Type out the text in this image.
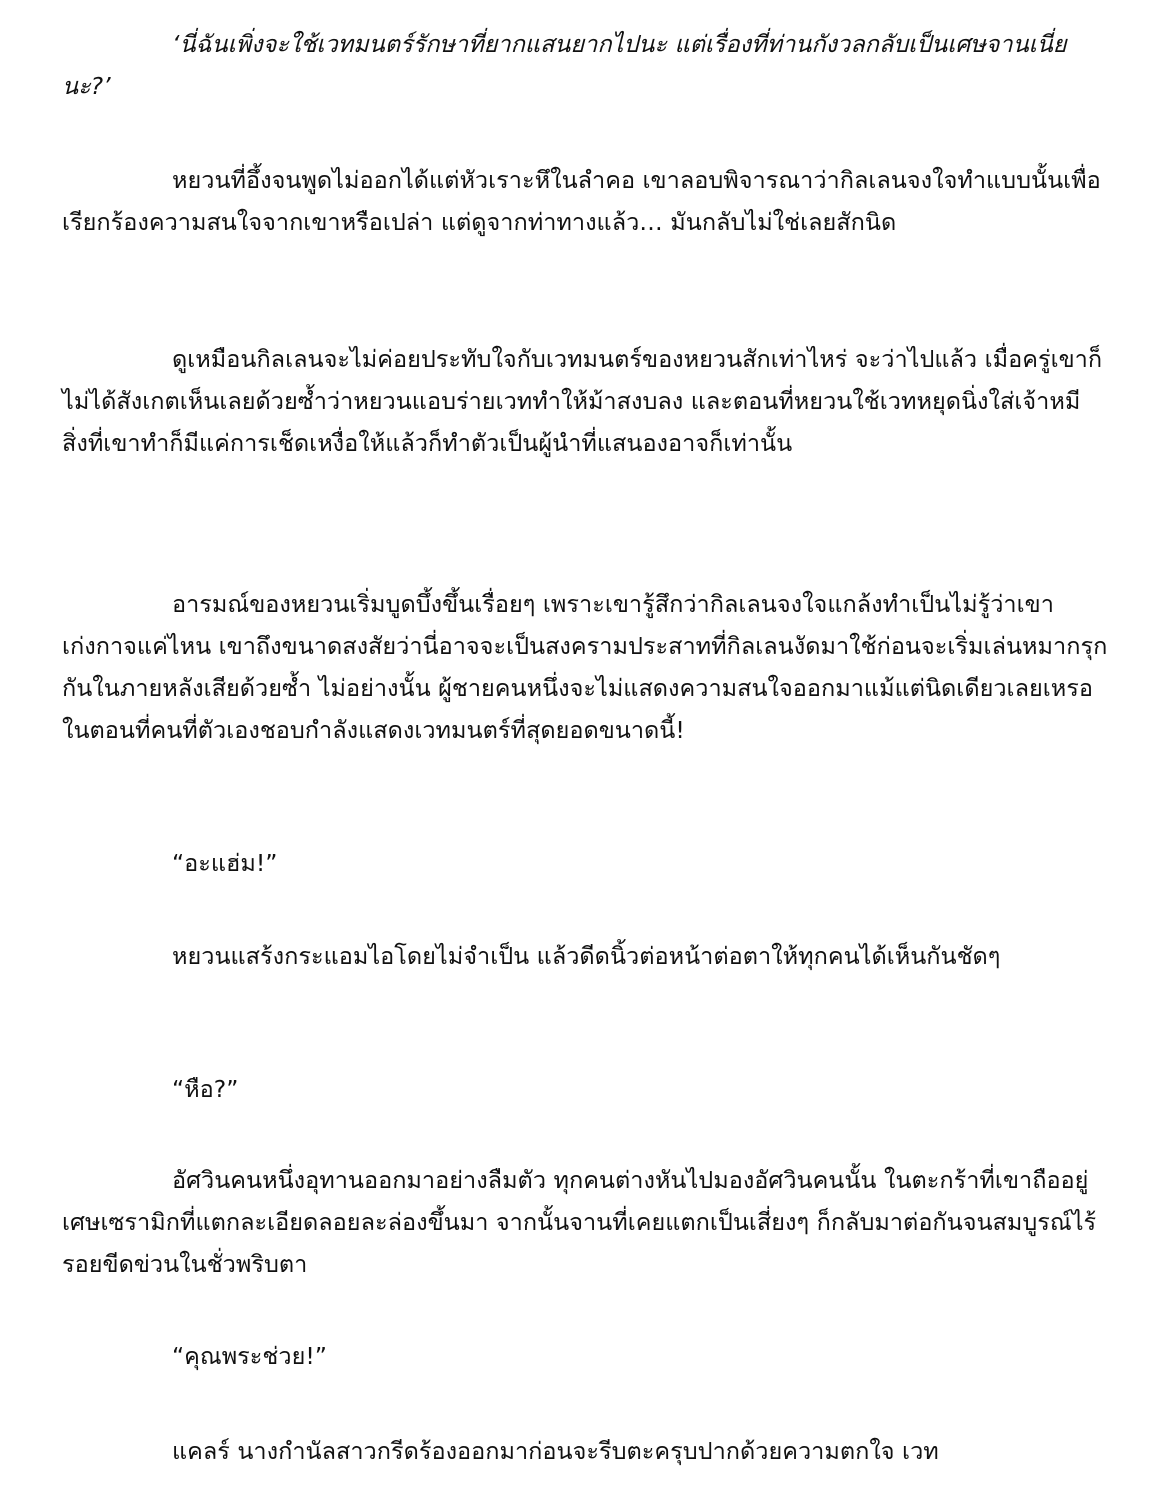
‘นี่ฉันเพิ่งจะใช้เวทมนตร์รักษาที่ยากแสนยากไปนะ แต่เรื่องที่ท่านกังวลกลับเป็นเศษจานเนี่ยนะ?’

หยวนที่อึ้งจนพูดไม่ออกได้แต่หัวเราะหึในลำคอ เขาลอบพิจารณาว่ากิลเลนจงใจทำแบบนั้นเพื่อเรียกร้องความสนใจจากเขาหรือเปล่า แต่ดูจากท่าทางแล้ว… มันกลับไม่ใช่เลยสักนิด

ดูเหมือนกิลเลนจะไม่ค่อยประทับใจกับเวทมนตร์ของหยวนสักเท่าไหร่ จะว่าไปแล้ว เมื่อครู่เขาก็ไม่ได้สังเกตเห็นเลยด้วยซ้ำว่าหยวนแอบร่ายเวททำให้ม้าสงบลง และตอนที่หยวนใช้เวทหยุดนิ่งใส่เจ้าหมี สิ่งที่เขาทำก็มีแค่การเช็ดเหงื่อให้แล้วก็ทำตัวเป็นผู้นำที่แสนองอาจก็เท่านั้น

อารมณ์ของหยวนเริ่มบูดบึ้งขึ้นเรื่อยๆ เพราะเขารู้สึกว่ากิลเลนจงใจแกล้งทำเป็นไม่รู้ว่าเขาเก่งกาจแค่ไหน เขาถึงขนาดสงสัยว่านี่อาจจะเป็นสงครามประสาทที่กิลเลนงัดมาใช้ก่อนจะเริ่มเล่นหมากรุกกันในภายหลังเสียด้วยซ้ำ ไม่อย่างนั้น ผู้ชายคนหนึ่งจะไม่แสดงความสนใจออกมาแม้แต่นิดเดียวเลยเหรอ ในตอนที่คนที่ตัวเองชอบกำลังแสดงเวทมนตร์ที่สุดยอดขนาดนี้!

“อะแฮ่ม!”

หยวนแสร้งกระแอมไอโดยไม่จำเป็น แล้วดีดนิ้วต่อหน้าต่อตาให้ทุกคนได้เห็นกันชัดๆ

“หือ?”

อัศวินคนหนึ่งอุทานออกมาอย่างลืมตัว ทุกคนต่างหันไปมองอัศวินคนนั้น ในตะกร้าที่เขาถืออยู่ เศษเซรามิกที่แตกละเอียดลอยละล่องขึ้นมา จากนั้นจานที่เคยแตกเป็นเสี่ยงๆ ก็กลับมาต่อกันจนสมบูรณ์ไร้รอยขีดข่วนในชั่วพริบตา

“คุณพระช่วย!”

แคลร์ นางกำนัลสาวกรีดร้องออกมาก่อนจะรีบตะครุบปากด้วยความตกใจ เวท
